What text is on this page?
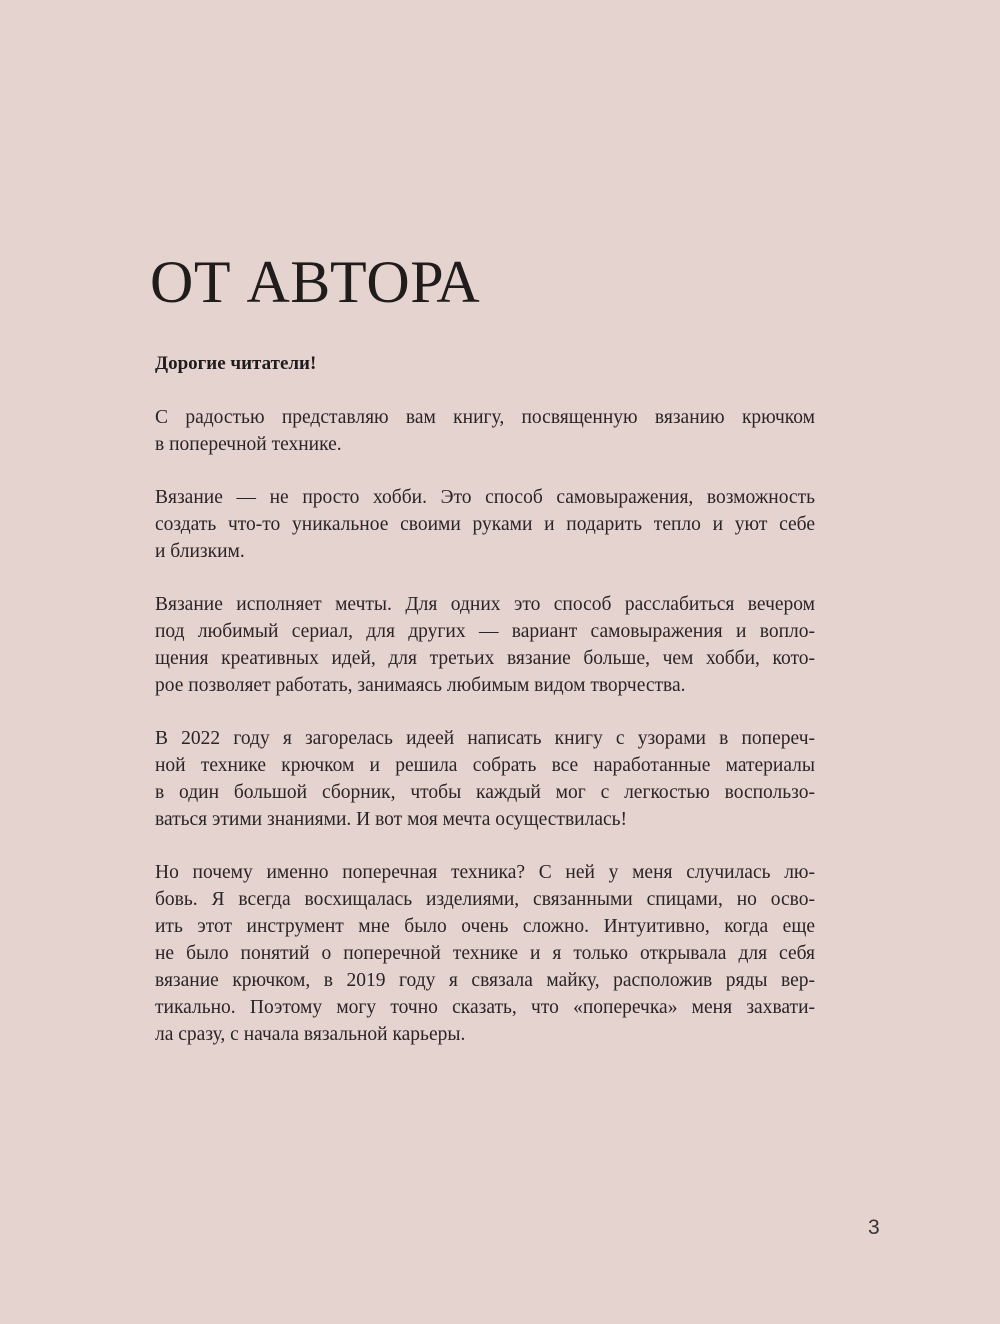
ОТ АВТОРА

Дорогие читатели!

С радостью представляю вам книгу, посвященную вязанию крючком
в поперечной технике.

Вязание — не просто хобби. Это способ самовыражения, возможность
создать что-то уникальное своими руками и подарить тепло и уют себе
и близким.

Вязание исполняет мечты. Для одних это способ расслабиться вечером
под любимый сериал, для других — вариант самовыражения и вопло-
щения креативных идей, для третьих вязание больше, чем хобби, кото-
рое позволяет работать, занимаясь любимым видом творчества.

В 2022 году я загорелась идеей написать книгу с узорами в попереч-
ной технике крючком и решила собрать все наработанные материалы
в один большой сборник, чтобы каждый мог с легкостью воспользо-
ваться этими знаниями. И вот моя мечта осуществилась!

Но почему именно поперечная техника? С ней у меня случилась лю-
бовь. Я всегда восхищалась изделиями, связанными спицами, но осво-
ить этот инструмент мне было очень сложно. Интуитивно, когда еще
не было понятий о поперечной технике и я только открывала для себя
вязание крючком, в 2019 году я связала майку, расположив ряды вер-
тикально. Поэтому могу точно сказать, что «поперечка» меня захвати-
ла сразу, с начала вязальной карьеры.

3
